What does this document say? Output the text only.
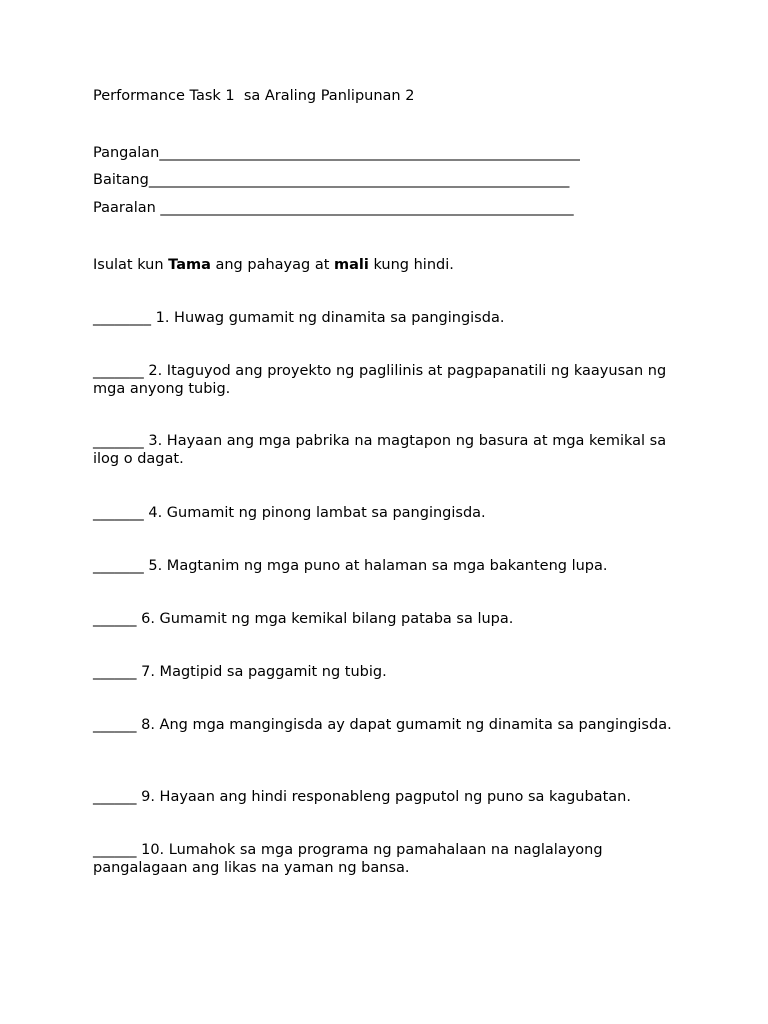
Performance Task 1  sa Araling Panlipunan 2
Pangalan__________________________________________________________
Baitang__________________________________________________________
Paaralan _________________________________________________________
Isulat kun Tama ang pahayag at mali kung hindi.
________ 1. Huwag gumamit ng dinamita sa pangingisda.
_______ 2. Itaguyod ang proyekto ng paglilinis at pagpapanatili ng kaayusan ng mga anyong tubig.
_______ 3. Hayaan ang mga pabrika na magtapon ng basura at mga kemikal sa ilog o dagat.
_______ 4. Gumamit ng pinong lambat sa pangingisda.
_______ 5. Magtanim ng mga puno at halaman sa mga bakanteng lupa.
______ 6. Gumamit ng mga kemikal bilang pataba sa lupa.
______ 7. Magtipid sa paggamit ng tubig.
______ 8. Ang mga mangingisda ay dapat gumamit ng dinamita sa pangingisda.
______ 9. Hayaan ang hindi responableng pagputol ng puno sa kagubatan.
______ 10. Lumahok sa mga programa ng pamahalaan na naglalayong pangalagaan ang likas na yaman ng bansa.
